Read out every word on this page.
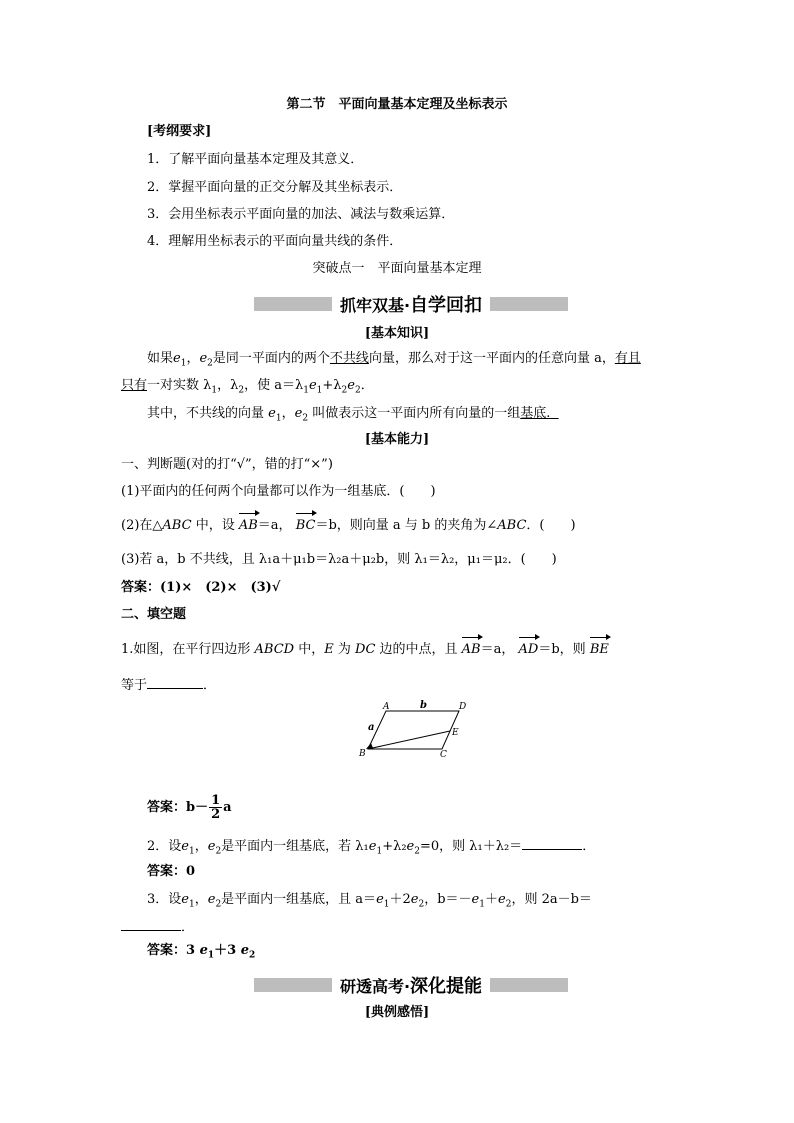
第二节　平面向量基本定理及坐标表示
[考纲要求]
1．了解平面向量基本定理及其意义．
2．掌握平面向量的正交分解及其坐标表示．
3．会用坐标表示平面向量的加法、减法与数乘运算．
4．理解用坐标表示的平面向量共线的条件．
突破点一　平面向量基本定理
抓牢双基·自学回扣
[基本知识]
如果$e_1$，$e_2$是同一平面内的两个不共线向量，那么对于这一平面内的任意向量 a，有且
只有一对实数 $\lambda_1$，$\lambda_2$，使 $a=\lambda_1e_1+\lambda_2e_2$．
其中，不共线的向量 $e_1$，$e_2$ 叫做表示这一平面内所有向量的一组基底.
[基本能力]
一、判断题(对的打“√”，错的打“×”)
(1)平面内的任何两个向量都可以作为一组基底．(　　)
(2)在△ABC 中，设 AB＝a， BC＝b，则向量 a 与 b 的夹角为∠ABC．(　　)
(3)若 a，b 不共线，且 λ₁a＋μ₁b＝λ₂a＋μ₂b，则 λ₁＝λ₂，μ₁＝μ₂．(　　)
答案：(1)×　(2)×　(3)√
二、填空题
1.如图，在平行四边形 ABCD 中，E 为 DC 边的中点，且 AB＝a， AD＝b，则 BE
等于	．
A	D
B	C
E
a
b
答案：$b- \frac{1}{2}$ a
2．设$e_1$，$e_2$是平面内一组基底，若 $\lambda_1e_1+\lambda_2e_2=0$，则 λ₁＋λ₂＝	．
答案：0
3．设$e_1$，$e_2$是平面内一组基底，且 $a=e_1+2e_2$，$b=-e_1+e_2$，则 2a－b＝
．
答案：3 $e_1+3$ $e_2$
研透高考·深化提能
[典例感悟]
